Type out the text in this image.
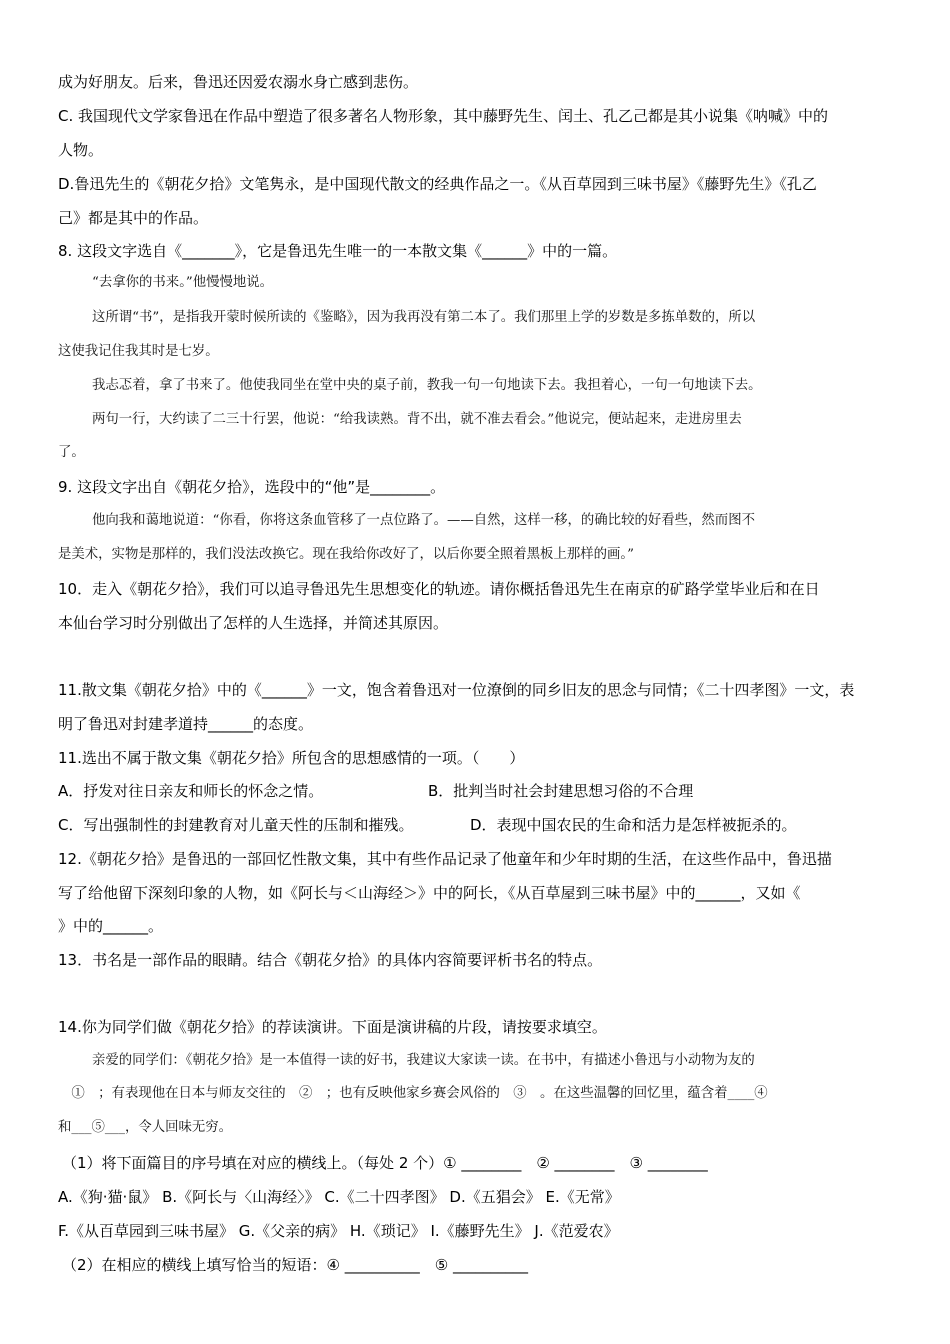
成为好朋友。后来，鲁迅还因爱农溺水身亡感到悲伤。
C. 我国现代文学家鲁迅在作品中塑造了很多著名人物形象，其中藤野先生、闰土、孔乙己都是其小说集《呐喊》中的
人物。
D.鲁迅先生的《朝花夕拾》文笔隽永，是中国现代散文的经典作品之一。《从百草园到三味书屋》《藤野先生》《孔乙
己》都是其中的作品。
8. 这段文字选自《_______》，它是鲁迅先生唯一的一本散文集《______》中的一篇。
“去拿你的书来。”他慢慢地说。
这所谓“书”，是指我开蒙时候所读的《鉴略》，因为我再没有第二本了。我们那里上学的岁数是多拣单数的，所以
这使我记住我其时是七岁。
我忐忑着，拿了书来了。他使我同坐在堂中央的桌子前，教我一句一句地读下去。我担着心，一句一句地读下去。
两句一行，大约读了二三十行罢，他说：“给我读熟。背不出，就不准去看会。”他说完，便站起来，走进房里去
了。
9. 这段文字出自《朝花夕拾》，选段中的“他”是________。
他向我和蔼地说道：“你看，你将这条血管移了一点位路了。——自然，这样一移，的确比较的好看些，然而图不
是美术，实物是那样的，我们没法改换它。现在我给你改好了，以后你要全照着黑板上那样的画。”
10．走入《朝花夕拾》，我们可以追寻鲁迅先生思想变化的轨迹。请你概括鲁迅先生在南京的矿路学堂毕业后和在日
本仙台学习时分别做出了怎样的人生选择，并简述其原因。
11.散文集《朝花夕拾》中的《______》一文，饱含着鲁迅对一位潦倒的同乡旧友的思念与同情；《二十四孝图》一文，表
明了鲁迅对封建孝道持______的态度。
11.选出不属于散文集《朝花夕拾》所包含的思想感情的一项。（　　）
A．抒发对往日亲友和师长的怀念之情。	B．批判当时社会封建思想习俗的不合理
C．写出强制性的封建教育对儿童天性的压制和摧残。	D．表现中国农民的生命和活力是怎样被扼杀的。
12.《朝花夕拾》是鲁迅的一部回忆性散文集，其中有些作品记录了他童年和少年时期的生活，在这些作品中，鲁迅描
写了给他留下深刻印象的人物，如《阿长与＜山海经＞》中的阿长，《从百草屋到三味书屋》中的______，又如《
》中的______。
13．书名是一部作品的眼睛。结合《朝花夕拾》的具体内容简要评析书名的特点。
14.你为同学们做《朝花夕拾》的荐读演讲。下面是演讲稿的片段，请按要求填空。
亲爱的同学们：《朝花夕拾》是一本值得一读的好书，我建议大家读一读。在书中，有描述小鲁迅与小动物为友的
　①　；有表现他在日本与师友交往的　②　；也有反映他家乡赛会风俗的　③　。在这些温馨的回忆里，蕴含着____④
和___⑤___，令人回味无穷。
（1）将下面篇目的序号填在对应的横线上。（每处 2 个）① ________　② ________　③ ________
A.《狗·猫·鼠》 B.《阿长与〈山海经〉》 C.《二十四孝图》 D.《五猖会》 E.《无常》
F.《从百草园到三味书屋》 G.《父亲的病》 H.《琐记》 I.《藤野先生》 J.《范爱农》
（2）在相应的横线上填写恰当的短语：④ __________　⑤ __________
